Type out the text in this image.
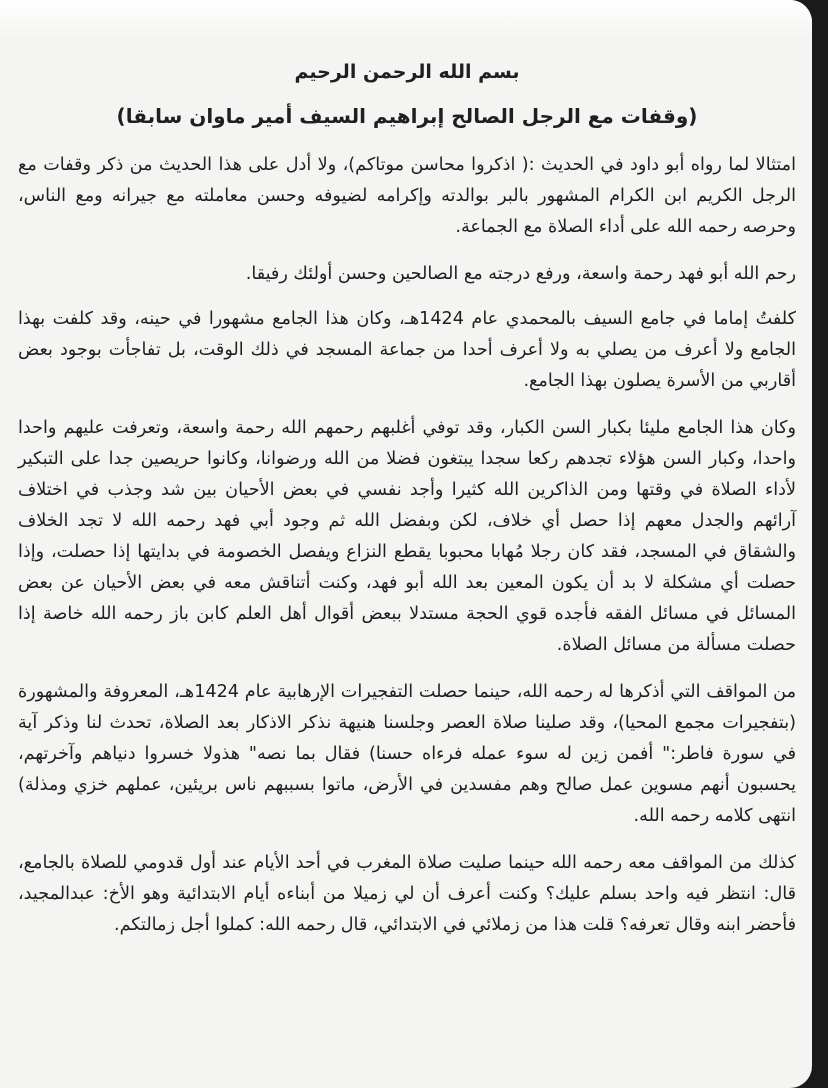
بسم الله الرحمن الرحيم
(وقفات مع الرجل الصالح إبراهيم السيف أمير ماوان سابقا)

امتثالا لما رواه أبو داود في الحديث :( اذكروا محاسن موتاكم)، ولا أدل على هذا الحديث من ذكر وقفات مع الرجل الكريم ابن الكرام المشهور بالبر بوالدته وإكرامه لضيوفه وحسن معاملته مع جيرانه ومع الناس، وحرصه رحمه الله على أداء الصلاة مع الجماعة.

رحم الله أبو فهد رحمة واسعة، ورفع درجته مع الصالحين وحسن أولئك رفيقا.

كلفتُ إماما في جامع السيف بالمحمدي عام 1424هـ، وكان هذا الجامع مشهورا في حينه، وقد كلفت بهذا الجامع ولا أعرف من يصلي به ولا أعرف أحدا من جماعة المسجد في ذلك الوقت، بل تفاجأت بوجود بعض أقاربي من الأسرة يصلون بهذا الجامع.

وكان هذا الجامع مليئا بكبار السن الكبار، وقد توفي أغلبهم رحمهم الله رحمة واسعة، وتعرفت عليهم واحدا واحدا، وكبار السن هؤلاء تجدهم ركعا سجدا يبتغون فضلا من الله ورضوانا، وكانوا حريصين جدا على التبكير لأداء الصلاة في وقتها ومن الذاكرين الله كثيرا وأجد نفسي في بعض الأحيان بين شد وجذب في اختلاف آرائهم والجدل معهم إذا حصل أي خلاف، لكن وبفضل الله ثم وجود أبي فهد رحمه الله لا تجد الخلاف والشقاق في المسجد، فقد كان رجلا مُهابا محبوبا يقطع النزاع ويفصل الخصومة في بدايتها إذا حصلت، وإذا حصلت أي مشكلة لا بد أن يكون المعين بعد الله أبو فهد، وكنت أتناقش معه في بعض الأحيان عن بعض المسائل في مسائل الفقه فأجده قوي الحجة مستدلا ببعض أقوال أهل العلم كابن باز رحمه الله خاصة إذا حصلت مسألة من مسائل الصلاة.

من المواقف التي أذكرها له رحمه الله، حينما حصلت التفجيرات الإرهابية عام 1424هـ، المعروفة والمشهورة (بتفجيرات مجمع المحيا)، وقد صلينا صلاة العصر وجلسنا هنيهة نذكر الاذكار بعد الصلاة، تحدث لنا وذكر آية في سورة فاطر:" أفمن زين له سوء عمله فرءاه حسنا) فقال بما نصه" هذولا خسروا دنياهم وآخرتهم، يحسبون أنهم مسوين عمل صالح وهم مفسدين في الأرض، ماتوا بسببهم ناس بريئين، عملهم خزي ومذلة) انتهى كلامه رحمه الله.

كذلك من المواقف معه رحمه الله حينما صليت صلاة المغرب في أحد الأيام عند أول قدومي للصلاة بالجامع، قال: انتظر فيه واحد بسلم عليك؟ وكنت أعرف أن لي زميلا من أبناءه أيام الابتدائية وهو الأخ: عبدالمجيد، فأحضر ابنه وقال تعرفه؟ قلت هذا من زملائي في الابتدائي، قال رحمه الله: كملوا أجل زمالتكم.
